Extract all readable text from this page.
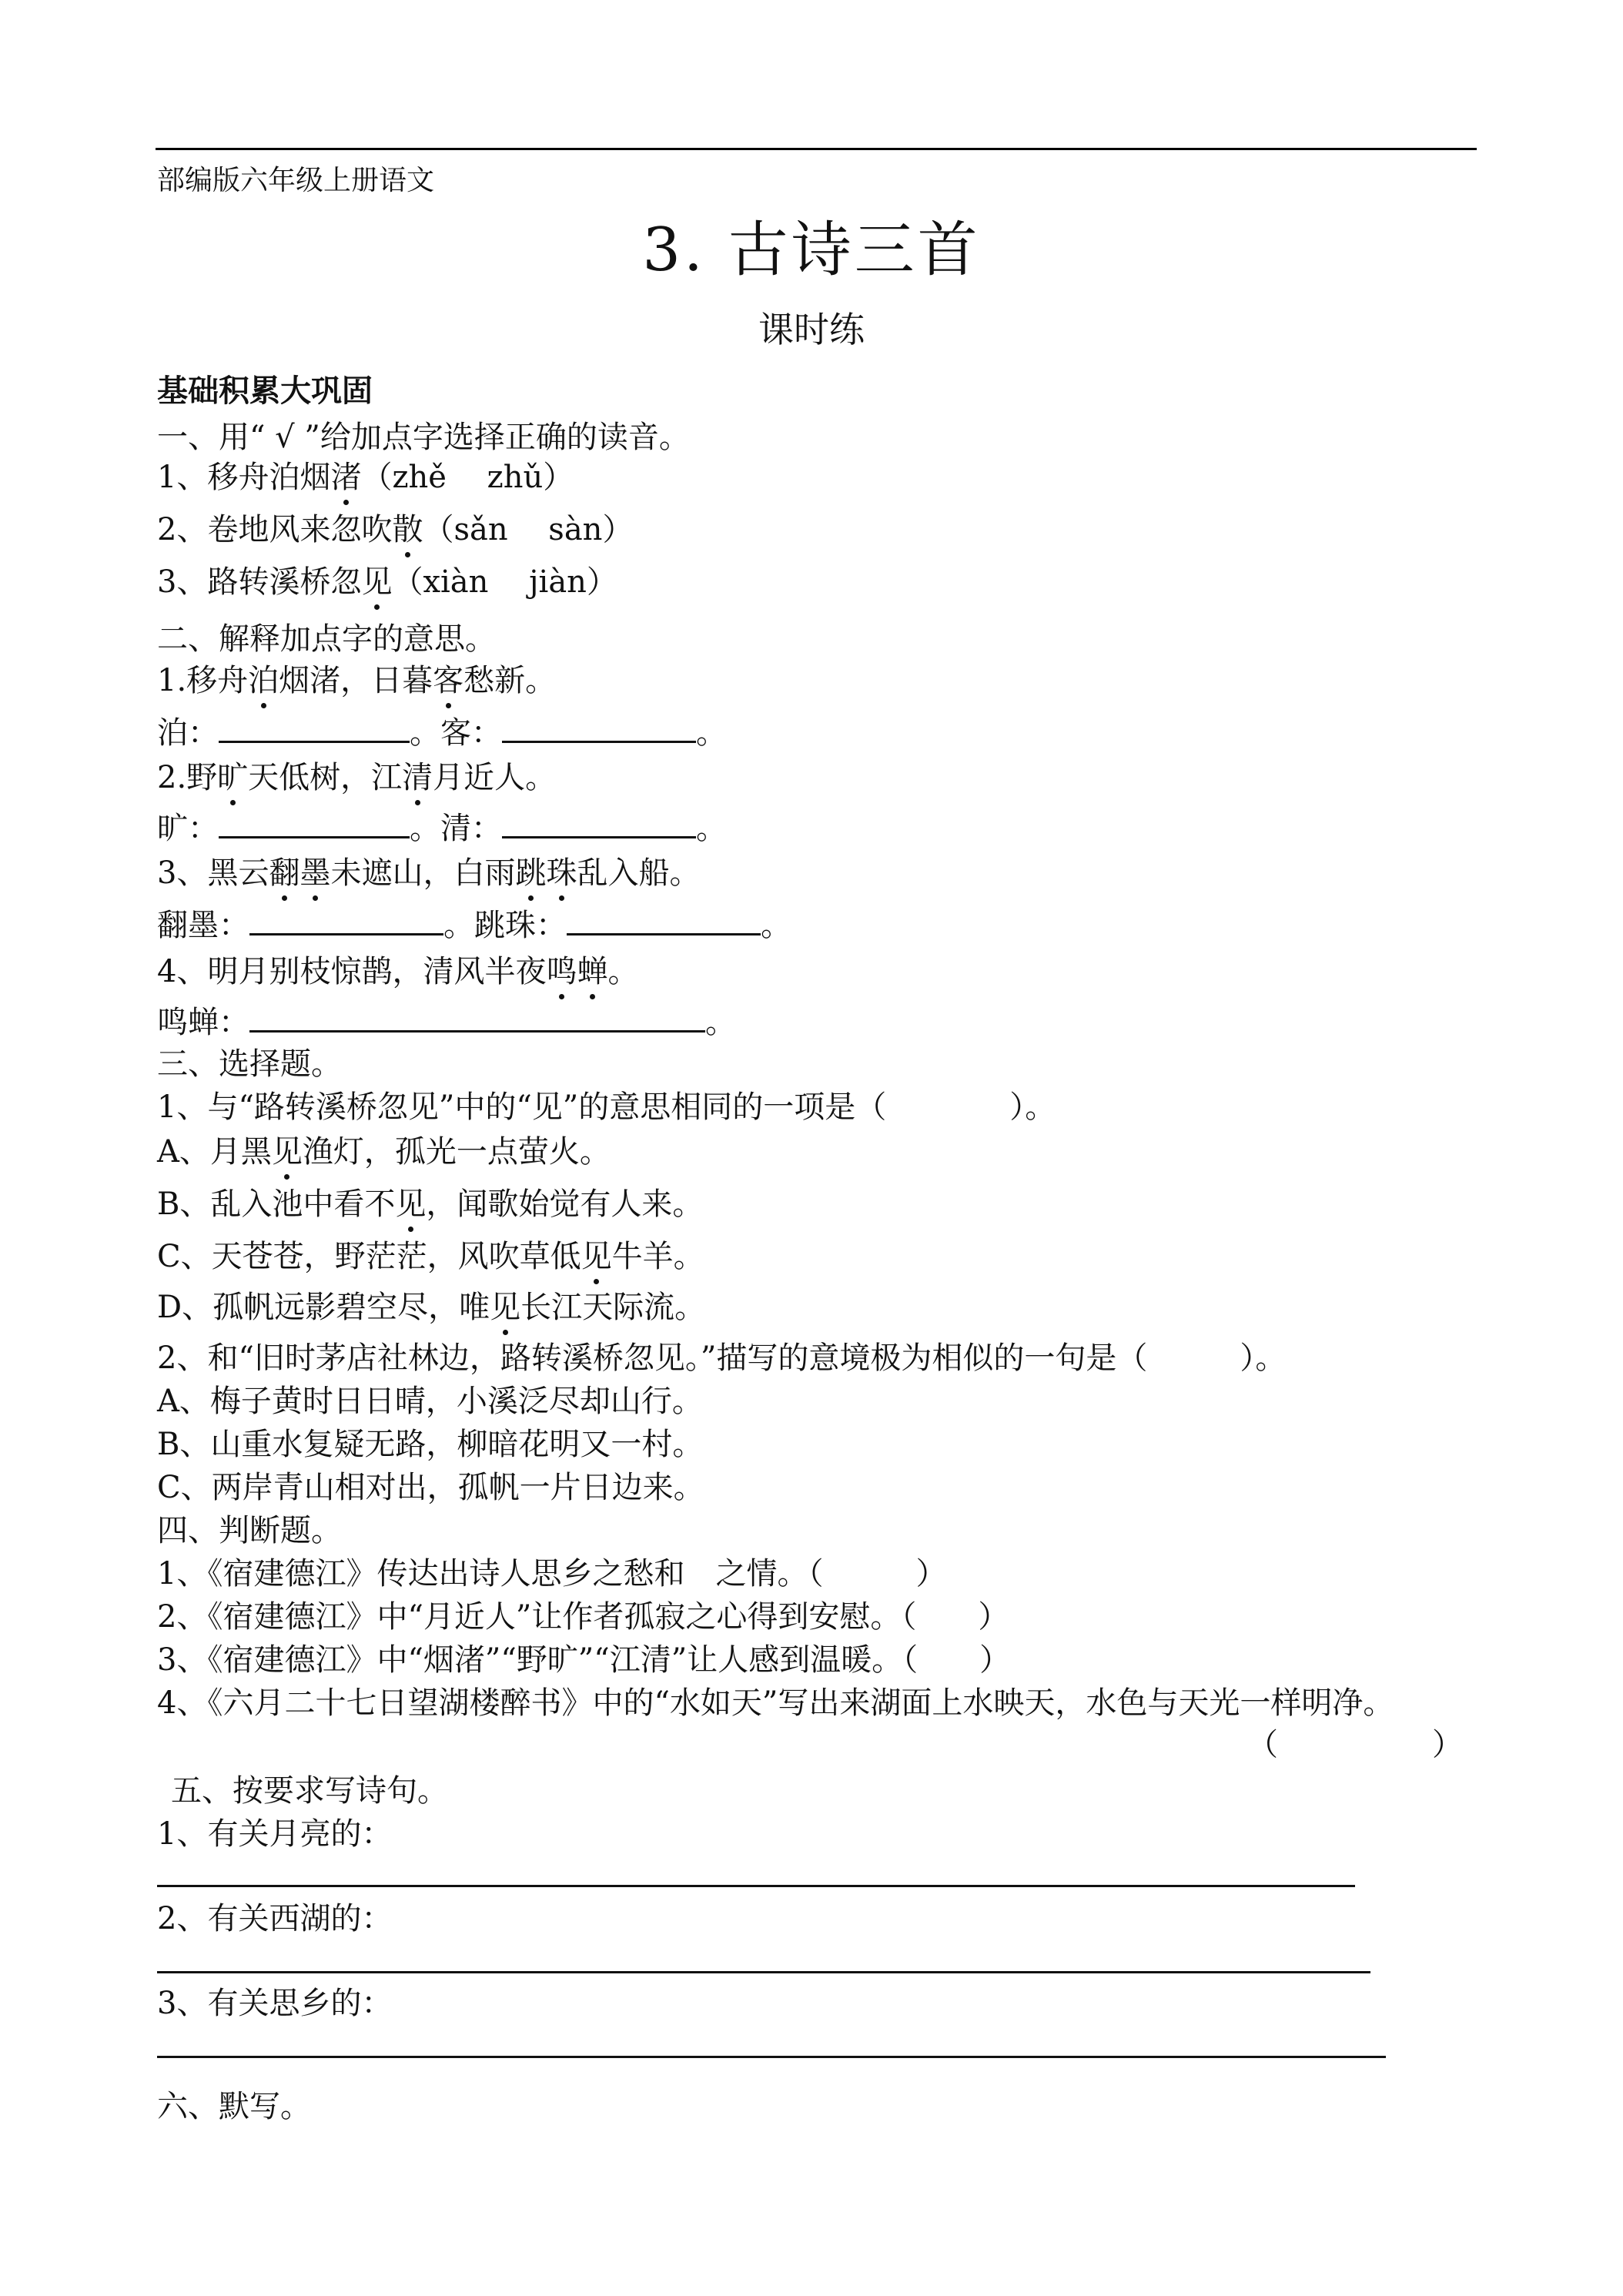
部编版六年级上册语文
3. 古诗三首
课时练
基础积累大巩固
一、用“ √ ”给加点字选择正确的读音。
1、移舟泊烟渚（zhě　 zhǔ）
2、卷地风来忽吹散（sǎn　 sàn）
3、路转溪桥忽见（xiàn　 jiàn）
二、解释加点字的意思。
1.移舟泊烟渚，日暮客愁新。
泊：	。客：	。
2.野旷天低树，江清月近人。
旷：	。清：	。
3、黑云翻墨未遮山，白雨跳珠乱入船。
翻墨：	。跳珠：	。
4、明月别枝惊鹊，清风半夜鸣蝉。
鸣蝉：	。
三、选择题。
1、与“路转溪桥忽见”中的“见”的意思相同的一项是（　　　　）。
A、月黑见渔灯，孤光一点萤火。
B、乱入池中看不见，闻歌始觉有人来。
C、天苍苍，野茫茫，风吹草低见牛羊。
D、孤帆远影碧空尽，唯见长江天际流。
2、和“旧时茅店社林边，路转溪桥忽见。”描写的意境极为相似的一句是（　　　）。
A、梅子黄时日日晴，小溪泛尽却山行。
B、山重水复疑无路，柳暗花明又一村。
C、两岸青山相对出，孤帆一片日边来。
四、判断题。
1、《宿建德江》传达出诗人思乡之愁和　之情。（　　　）
2、《宿建德江》中“月近人”让作者孤寂之心得到安慰。（　　）
3、《宿建德江》中“烟渚”“野旷”“江清”让人感到温暖。（　　）
4、《六月二十七日望湖楼醉书》中的“水如天”写出来湖面上水映天，水色与天光一样明净。
（　　　　　）
五、按要求写诗句。
1、有关月亮的：
2、有关西湖的：
3、有关思乡的：
六、默写。
